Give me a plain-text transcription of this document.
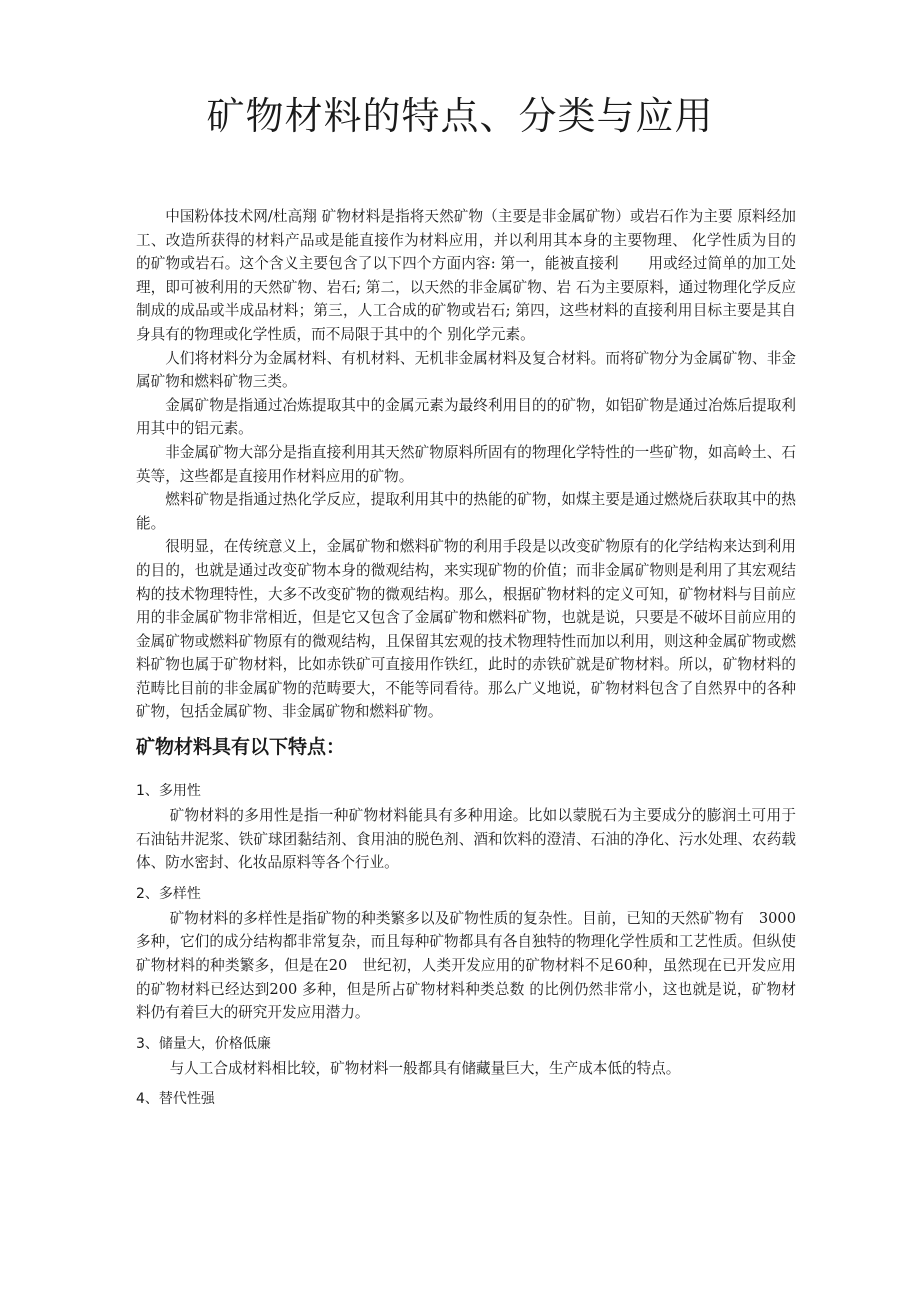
矿物材料的特点、分类与应用

中国粉体技术网/杜高翔 矿物材料是指将天然矿物（主要是非金属矿物）或岩石作为主要 原料经加工、改造所获得的材料产品或是能直接作为材料应用，并以利用其本身的主要物理、 化学性质为目的的矿物或岩石。这个含义主要包含了以下四个方面内容: 第一，能被直接利　　用或经过简单的加工处理，即可被利用的天然矿物、岩石; 第二，以天然的非金属矿物、岩 石为主要原料，通过物理化学反应制成的成品或半成品材料；第三，人工合成的矿物或岩石; 第四，这些材料的直接利用目标主要是其自身具有的物理或化学性质，而不局限于其中的个 别化学元素。

人们将材料分为金属材料、有机材料、无机非金属材料及复合材料。而将矿物分为金属矿物、非金属矿物和燃料矿物三类。

金属矿物是指通过冶炼提取其中的金属元素为最终利用目的的矿物，如铝矿物是通过冶炼后提取利用其中的铝元素。

非金属矿物大部分是指直接利用其天然矿物原料所固有的物理化学特性的一些矿物，如高岭土、石英等，这些都是直接用作材料应用的矿物。

燃料矿物是指通过热化学反应，提取利用其中的热能的矿物，如煤主要是通过燃烧后获取其中的热能。

很明显，在传统意义上，金属矿物和燃料矿物的利用手段是以改变矿物原有的化学结构来达到利用的目的，也就是通过改变矿物本身的微观结构，来实现矿物的价值；而非金属矿物则是利用了其宏观结构的技术物理特性，大多不改变矿物的微观结构。那么，根据矿物材料的定义可知，矿物材料与目前应用的非金属矿物非常相近，但是它又包含了金属矿物和燃料矿物，也就是说，只要是不破坏目前应用的金属矿物或燃料矿物原有的微观结构，且保留其宏观的技术物理特性而加以利用，则这种金属矿物或燃料矿物也属于矿物材料，比如赤铁矿可直接用作铁红，此时的赤铁矿就是矿物材料。所以，矿物材料的范畴比目前的非金属矿物的范畴要大，不能等同看待。那么广义地说，矿物材料包含了自然界中的各种矿物，包括金属矿物、非金属矿物和燃料矿物。

矿物材料具有以下特点：
1、多用性

矿物材料的多用性是指一种矿物材料能具有多种用途。比如以蒙脱石为主要成分的膨润土可用于石油钻井泥浆、铁矿球团黏结剂、食用油的脱色剂、酒和饮料的澄清、石油的净化、污水处理、农药载体、防水密封、化妆品原料等各个行业。

2、多样性

矿物材料的多样性是指矿物的种类繁多以及矿物性质的复杂性。目前，已知的天然矿物有　3000 多种，它们的成分结构都非常复杂，而且每种矿物都具有各自独特的物理化学性质和工艺性质。但纵使矿物材料的种类繁多，但是在20　世纪初，人类开发应用的矿物材料不足60种，虽然现在已开发应用的矿物材料已经达到200 多种，但是所占矿物材料种类总数 的比例仍然非常小，这也就是说，矿物材料仍有着巨大的研究开发应用潜力。

3、储量大，价格低廉

与人工合成材料相比较，矿物材料一般都具有储藏量巨大，生产成本低的特点。

4、替代性强
